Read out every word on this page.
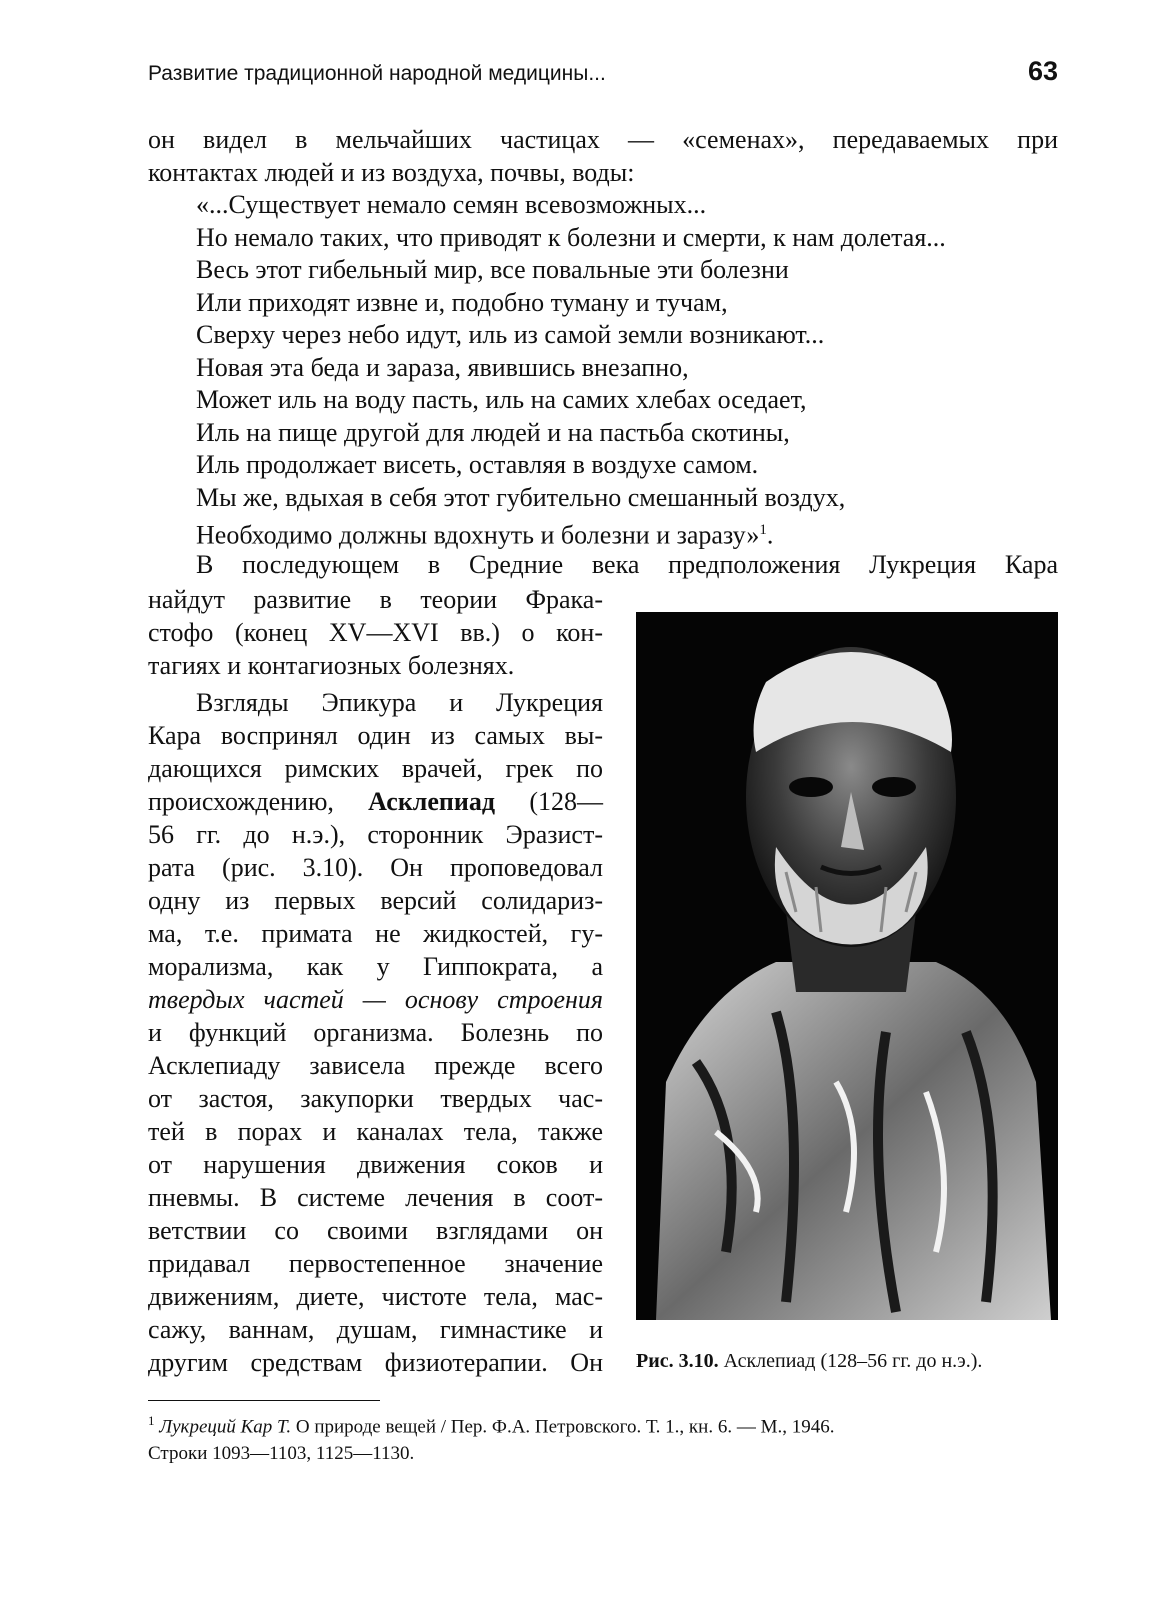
Развитие традиционной народной медицины...	63
он видел в мельчайших частицах — «семенах», передаваемых при
контактах людей и из воздуха, почвы, воды:
«...Существует немало семян всевозможных...
Но немало таких, что приводят к болезни и смерти, к нам долетая...
Весь этот гибельный мир, все повальные эти болезни
Или приходят извне и, подобно туману и тучам,
Сверху через небо идут, иль из самой земли возникают...
Новая эта беда и зараза, явившись внезапно,
Может иль на воду пасть, иль на самих хлебах оседает,
Иль на пище другой для людей и на пастьба скотины,
Иль продолжает висеть, оставляя в воздухе самом.
Мы же, вдыхая в себя этот губительно смешанный воздух,
Необходимо должны вдохнуть и болезни и заразу»$^1$.
В последующем в Средние века предположения Лукреция Кара
найдут развитие в теории Фрака-
стофо (конец XV—XVI вв.) о кон-
тагиях и контагиозных болезнях.
Взгляды Эпикура и Лукреция
Кара воспринял один из самых вы-
дающихся римских врачей, грек по
происхождению, Асклепиад (128—
56 гг. до н.э.), сторонник Эразист-
рата (рис. 3.10). Он проповедовал
одну из первых версий солидариз-
ма, т.е. примата не жидкостей, гу-
морализма, как у Гиппократа, а
твердых частей — основу строения
и функций организма. Болезнь по
Асклепиаду зависела прежде всего
от застоя, закупорки твердых час-
тей в порах и каналах тела, также
от нарушения движения соков и
пневмы. В системе лечения в соот-
ветствии со своими взглядами он
придавал первостепенное значение
движениям, диете, чистоте тела, мас-
сажу, ваннам, душам, гимнастике и
другим средствам физиотерапии. Он Рис. 3.10. Асклепиад (128–56 гг. до н.э.).
$^1$ Лукреций Кар Т. О природе вещей / Пер. Ф.А. Петровского. Т. 1., кн. 6. — М., 1946.
Строки 1093—1103, 1125—1130.
